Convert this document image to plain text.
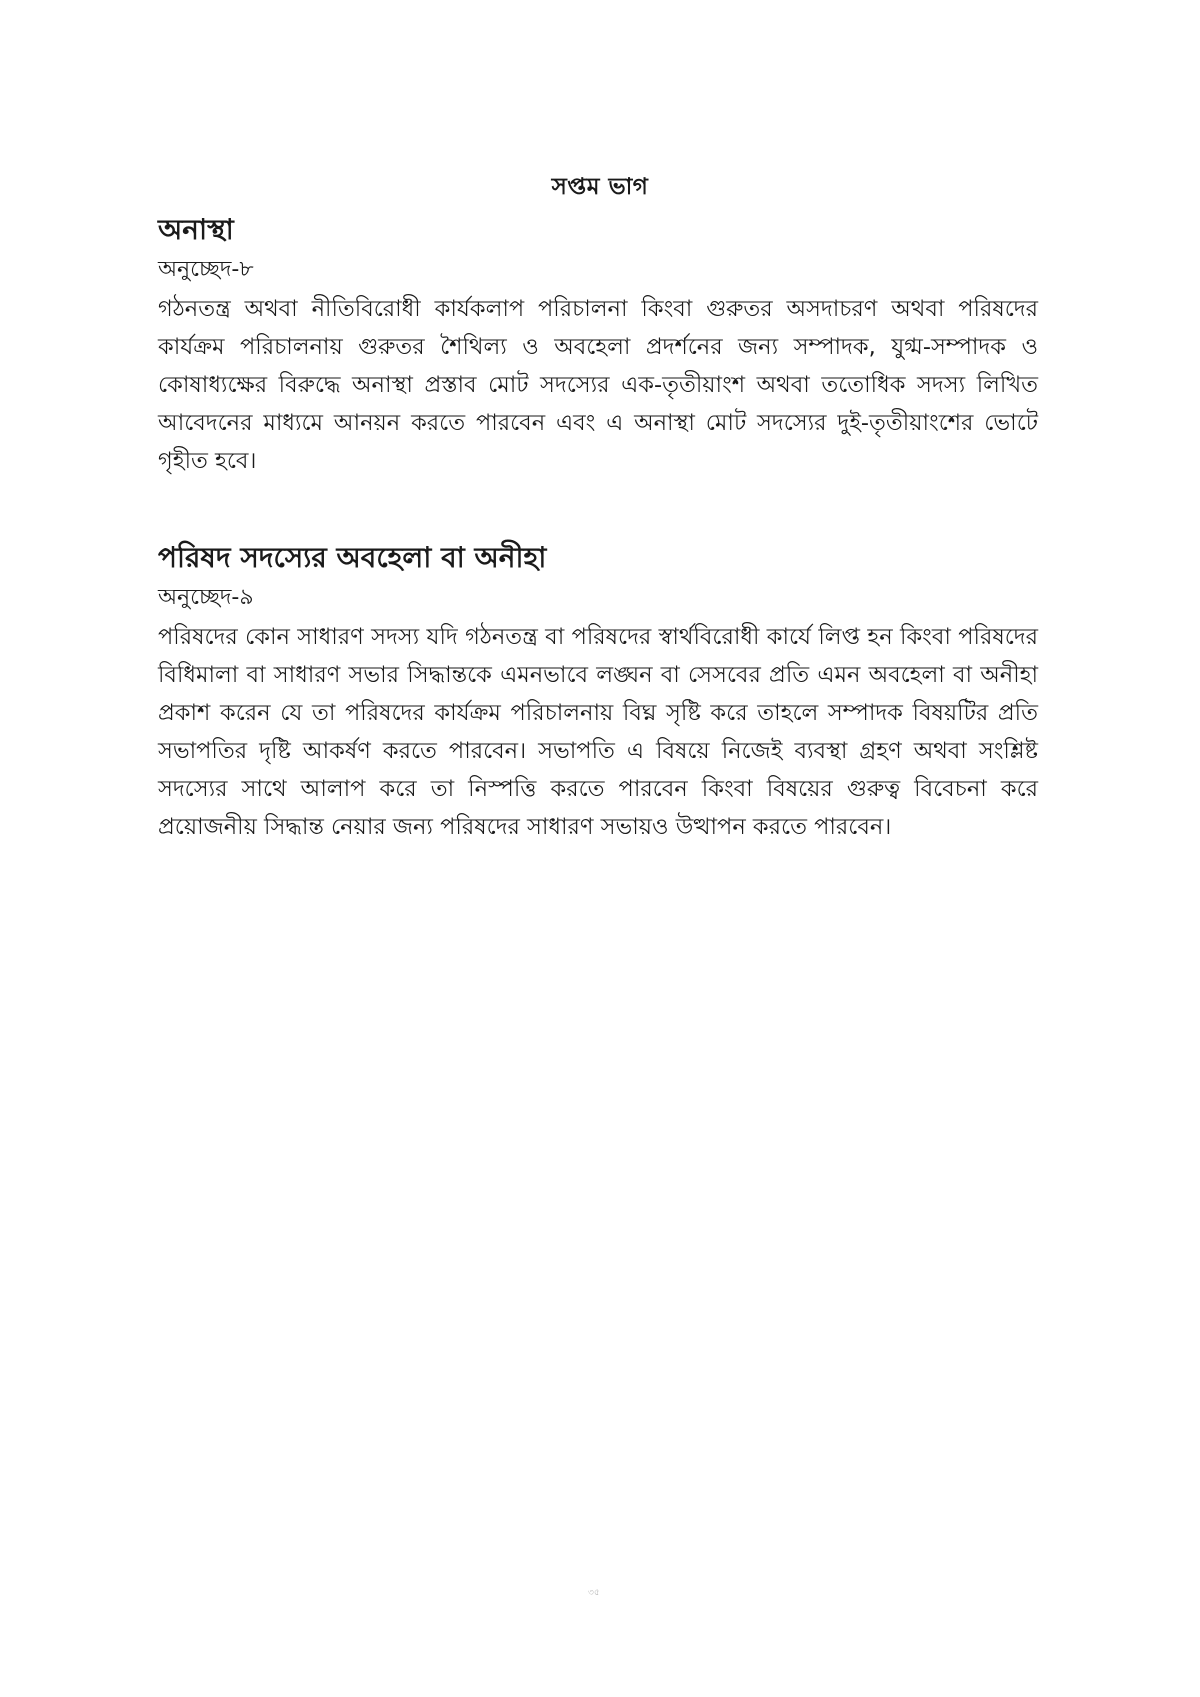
সপ্তম ভাগ
অনাস্থা
অনুচ্ছেদ-৮

গঠনতন্ত্র অথবা নীতিবিরোধী কার্যকলাপ পরিচালনা কিংবা গুরুতর অসদাচরণ অথবা পরিষদের কার্যক্রম পরিচালনায় গুরুতর শৈথিল্য ও অবহেলা প্রদর্শনের জন্য সম্পাদক, যুগ্ম-সম্পাদক ও কোষাধ্যক্ষের বিরুদ্ধে অনাস্থা প্রস্তাব মোট সদস্যের এক-তৃতীয়াংশ অথবা ততোধিক সদস্য লিখিত আবেদনের মাধ্যমে আনয়ন করতে পারবেন এবং এ অনাস্থা মোট সদস্যের দুই-তৃতীয়াংশের ভোটে গৃহীত হবে।

পরিষদ সদস্যের অবহেলা বা অনীহা
অনুচ্ছেদ-৯

পরিষদের কোন সাধারণ সদস্য যদি গঠনতন্ত্র বা পরিষদের স্বার্থবিরোধী কার্যে লিপ্ত হন কিংবা পরিষদের বিধিমালা বা সাধারণ সভার সিদ্ধান্তকে এমনভাবে লঙ্ঘন বা সেসবের প্রতি এমন অবহেলা বা অনীহা প্রকাশ করেন যে তা পরিষদের কার্যক্রম পরিচালনায় বিঘ্ন সৃষ্টি করে তাহলে সম্পাদক বিষয়টির প্রতি সভাপতির দৃষ্টি আকর্ষণ করতে পারবেন। সভাপতি এ বিষয়ে নিজেই ব্যবস্থা গ্রহণ অথবা সংশ্লিষ্ট সদস্যের সাথে আলাপ করে তা নিস্পত্তি করতে পারবেন কিংবা বিষয়ের গুরুত্ব বিবেচনা করে প্রয়োজনীয় সিদ্ধান্ত নেয়ার জন্য পরিষদের সাধারণ সভায়ও উত্থাপন করতে পারবেন।

৩৫
